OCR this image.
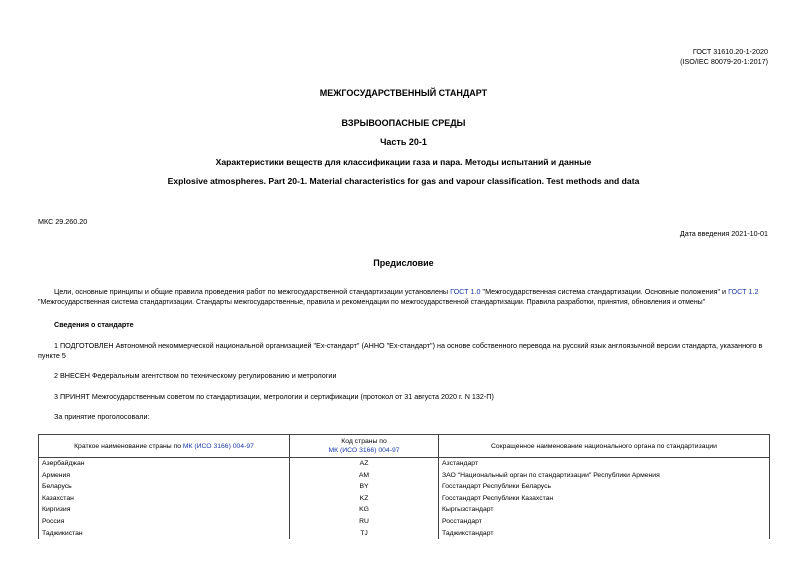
ГОСТ 31610.20-1-2020
(ISO/IEC 80079-20-1:2017)
МЕЖГОСУДАРСТВЕННЫЙ СТАНДАРТ
ВЗРЫВООПАСНЫЕ СРЕДЫ
Часть 20-1
Характеристики веществ для классификации газа и пара. Методы испытаний и данные
Explosive atmospheres. Part 20-1. Material characteristics for gas and vapour classification. Test methods and data
МКС 29.260.20
Дата введения 2021-10-01
Предисловие
Цели, основные принципы и общие правила проведения работ по межгосударственной стандартизации установлены ГОСТ 1.0 "Межгосударственная система стандартизации. Основные положения" и ГОСТ 1.2
"Межгосударственная система стандартизации. Стандарты межгосударственные, правила и рекомендации по межгосударственной стандартизации. Правила разработки, принятия, обновления и отмены"
Сведения о стандарте
1 ПОДГОТОВЛЕН Автономной некоммерческой национальной организацией "Ех-стандарт" (АННО "Ех-стандарт") на основе собственного перевода на русский язык англоязычной версии стандарта, указанного в
пункте 5
2 ВНЕСЕН Федеральным агентством по техническому регулированию и метрологии
3 ПРИНЯТ Межгосударственным советом по стандартизации, метрологии и сертификации (протокол от 31 августа 2020 г. N 132-П)
За принятие проголосовали:
Краткое наименование страны по МК (ИСО 3166) 004-97	Код страны по
МК (ИСО 3166) 004-97	Сокращенное наименование национального органа по стандартизации
Азербайджан	AZ	Азстандарт
Армения	AM	ЗАО "Национальный орган по стандартизации" Республики Армения
Беларусь	BY	Госстандарт Республики Беларусь
Казахстан	KZ	Госстандарт Республики Казахстан
Киргизия	KG	Кыргызстандарт
Россия	RU	Росстандарт
Таджикистан	TJ	Таджикстандарт
